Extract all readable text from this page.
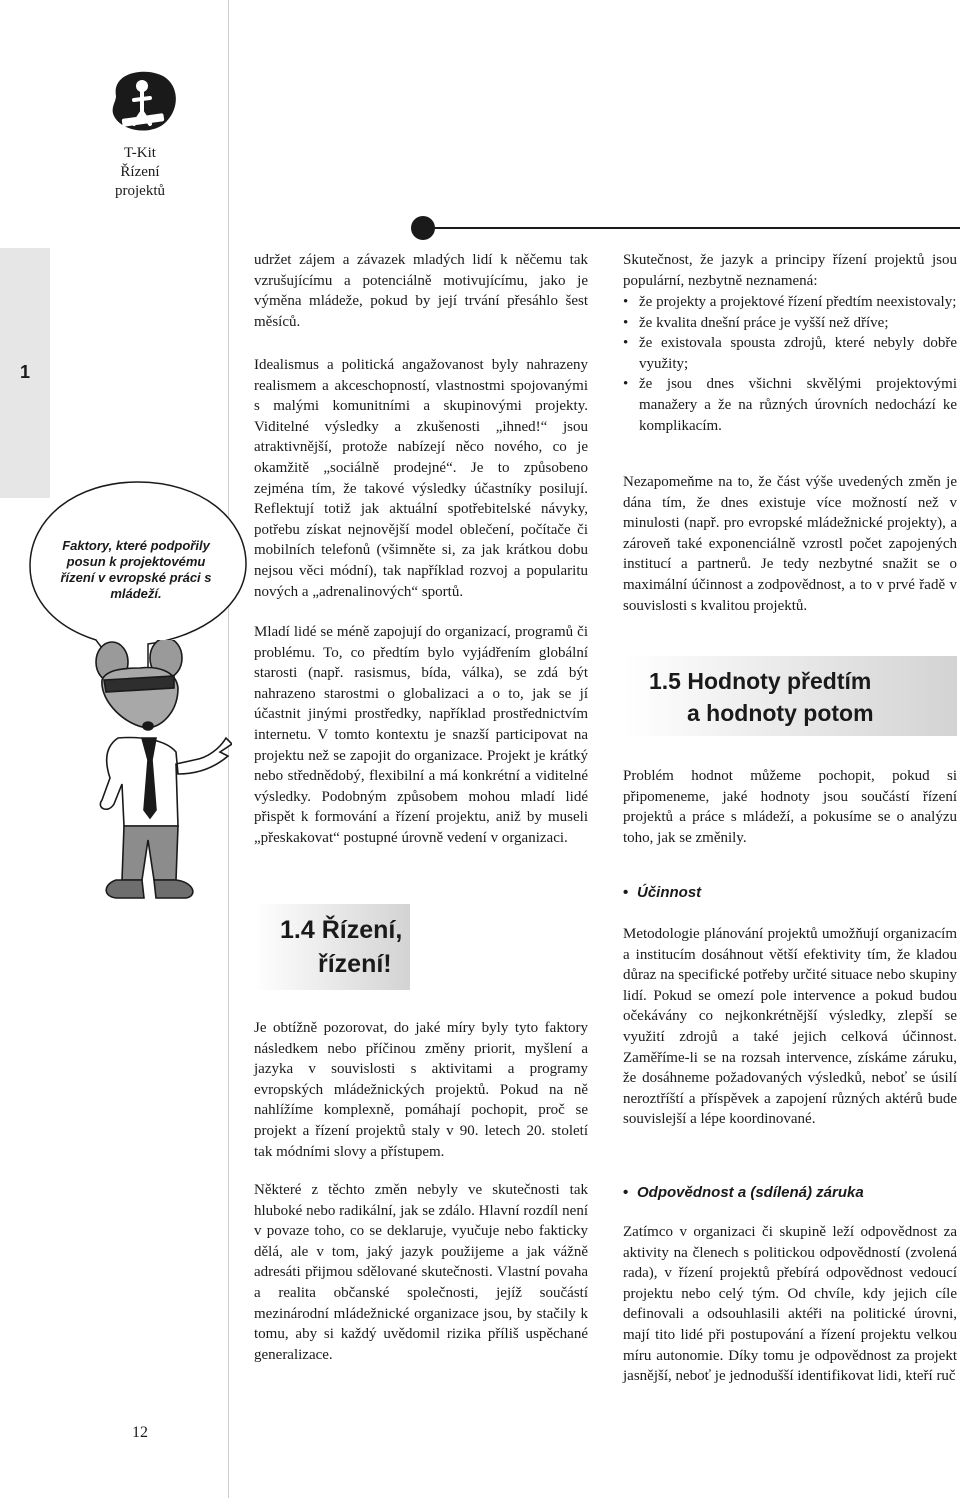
T-Kit
Řízení
projektů
1
Faktory, které podpořily posun k projektovému řízení v evropské práci s mládeží.
12

udržet zájem a závazek mladých lidí k něčemu tak vzrušujícímu a potenciálně motivujícímu, jako je výměna mládeže, pokud by její trvání přesáhlo šest měsíců.

Idealismus a politická angažovanost byly nahrazeny realismem a akceschopností, vlastnostmi spojovanými s malými komunitními a skupinovými projekty. Viditelné výsledky a zkušenosti „ihned!“ jsou atraktivnější, protože nabízejí něco nového, co je okamžitě „sociálně prodejné“. Je to způsobeno zejména tím, že takové výsledky účastníky posilují. Reflektují totiž jak aktuální spotřebitelské návyky, potřebu získat nejnovější model oblečení, počítače či mobilních telefonů (všimněte si, za jak krátkou dobu nejsou věci módní), tak například rozvoj a popularitu nových a „adrenalinových“ sportů.

Mladí lidé se méně zapojují do organizací, programů či problému. To, co předtím bylo vyjádřením globální starosti (např. rasismus, bída, válka), se zdá být nahrazeno starostmi o globalizaci a o to, jak se jí účastnit jinými prostředky, například prostřednictvím internetu. V tomto kontextu je snazší participovat na projektu než se zapojit do organizace. Projekt je krátký nebo střednědobý, flexibilní a má konkrétní a viditelné výsledky. Podobným způsobem mohou mladí lidé přispět k formování a řízení projektu, aniž by museli „přeskakovat“ postupné úrovně vedení v organizaci.

1.4 Řízení,
řízení!

Je obtížně pozorovat, do jaké míry byly tyto faktory následkem nebo příčinou změny priorit, myšlení a jazyka v souvislosti s aktivitami a programy evropských mládežnických projektů. Pokud na ně nahlížíme komplexně, pomáhají pochopit, proč se projekt a řízení projektů staly v 90. letech 20. století tak módními slovy a přístupem.

Některé z těchto změn nebyly ve skutečnosti tak hluboké nebo radikální, jak se zdálo. Hlavní rozdíl není v povaze toho, co se deklaruje, vyučuje nebo fakticky dělá, ale v tom, jaký jazyk použijeme a jak vážně adresáti přijmou sdělované skutečnosti. Vlastní povaha a realita občanské společnosti, jejíž součástí mezinárodní mládežnické organizace jsou, by stačily k tomu, aby si každý uvědomil rizika příliš uspěchané generalizace.

Skutečnost, že jazyk a principy řízení projektů jsou populární, nezbytně neznamená:

• že projekty a projektové řízení předtím neexistovaly;
• že kvalita dnešní práce je vyšší než dříve;
• že existovala spousta zdrojů, které nebyly dobře využity;
• že jsou dnes všichni skvělými projektovými manažery a že na různých úrovních nedochází ke komplikacím.

Nezapomeňme na to, že část výše uvedených změn je dána tím, že dnes existuje více možností než v minulosti (např. pro evropské mládežnické projekty), a zároveň také exponenciálně vzrostl počet zapojených institucí a partnerů. Je tedy nezbytné snažit se o maximální účinnost a zodpovědnost, a to v prvé řadě v souvislosti s kvalitou projektů.

1.5 Hodnoty předtím
a hodnoty potom

Problém hodnot můžeme pochopit, pokud si připomeneme, jaké hodnoty jsou součástí řízení projektů a práce s mládeží, a pokusíme se o analýzu toho, jak se změnily.

• Účinnost

Metodologie plánování projektů umožňují organizacím a institucím dosáhnout větší efektivity tím, že kladou důraz na specifické potřeby určité situace nebo skupiny lidí. Pokud se omezí pole intervence a pokud budou očekávány co nejkonkrétnější výsledky, zlepší se využití zdrojů a také jejich celková účinnost. Zaměříme-li se na rozsah intervence, získáme záruku, že dosáhneme požadovaných výsledků, neboť se úsilí neroztříští a příspěvek a zapojení různých aktérů bude souvislejší a lépe koordinované.

• Odpovědnost a (sdílená) záruka

Zatímco v organizaci či skupině leží odpovědnost za aktivity na členech s politickou odpovědností (zvolená rada), v řízení projektů přebírá odpovědnost vedoucí projektu nebo celý tým. Od chvíle, kdy jejich cíle definovali a odsouhlasili aktéři na politické úrovni, mají tito lidé při postupování a řízení projektu velkou míru autonomie. Díky tomu je odpovědnost za projekt jasnější, neboť je jednodušší identifikovat lidi, kteří ruč
